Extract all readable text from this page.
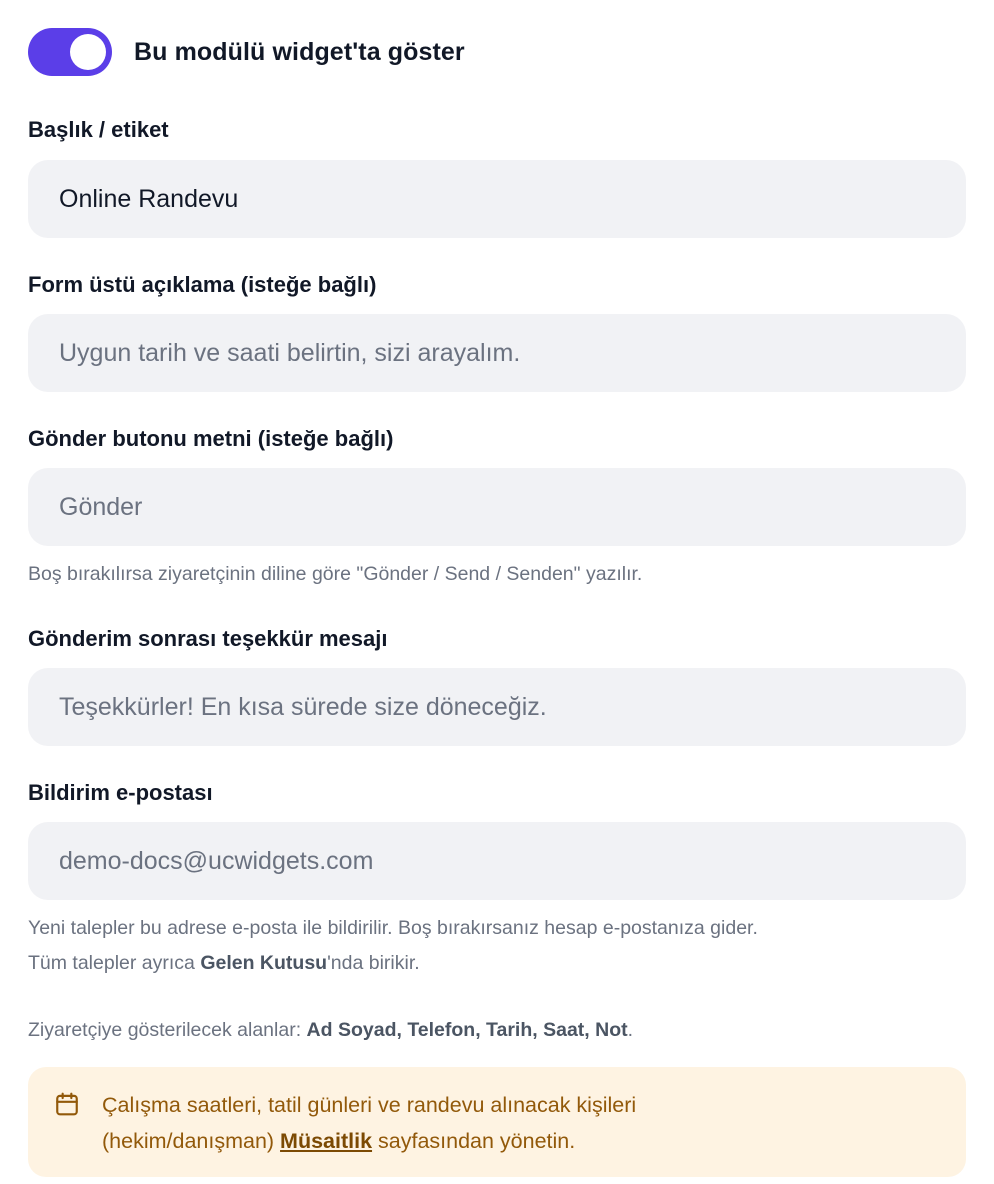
Bu modülü widget'ta göster
Başlık / etiket
Online Randevu
Form üstü açıklama (isteğe bağlı)
Uygun tarih ve saati belirtin, sizi arayalım.
Gönder butonu metni (isteğe bağlı)
Gönder
Boş bırakılırsa ziyaretçinin diline göre "Gönder / Send / Senden" yazılır.
Gönderim sonrası teşekkür mesajı
Teşekkürler! En kısa sürede size döneceğiz.
Bildirim e-postası
demo-docs@ucwidgets.com
Yeni talepler bu adrese e-posta ile bildirilir. Boş bırakırsanız hesap e-postanıza gider.
Tüm talepler ayrıca Gelen Kutusu'nda birikir.
Ziyaretçiye gösterilecek alanlar: Ad Soyad, Telefon, Tarih, Saat, Not.
Çalışma saatleri, tatil günleri ve randevu alınacak kişileri
(hekim/danışman) Müsaitlik sayfasından yönetin.
